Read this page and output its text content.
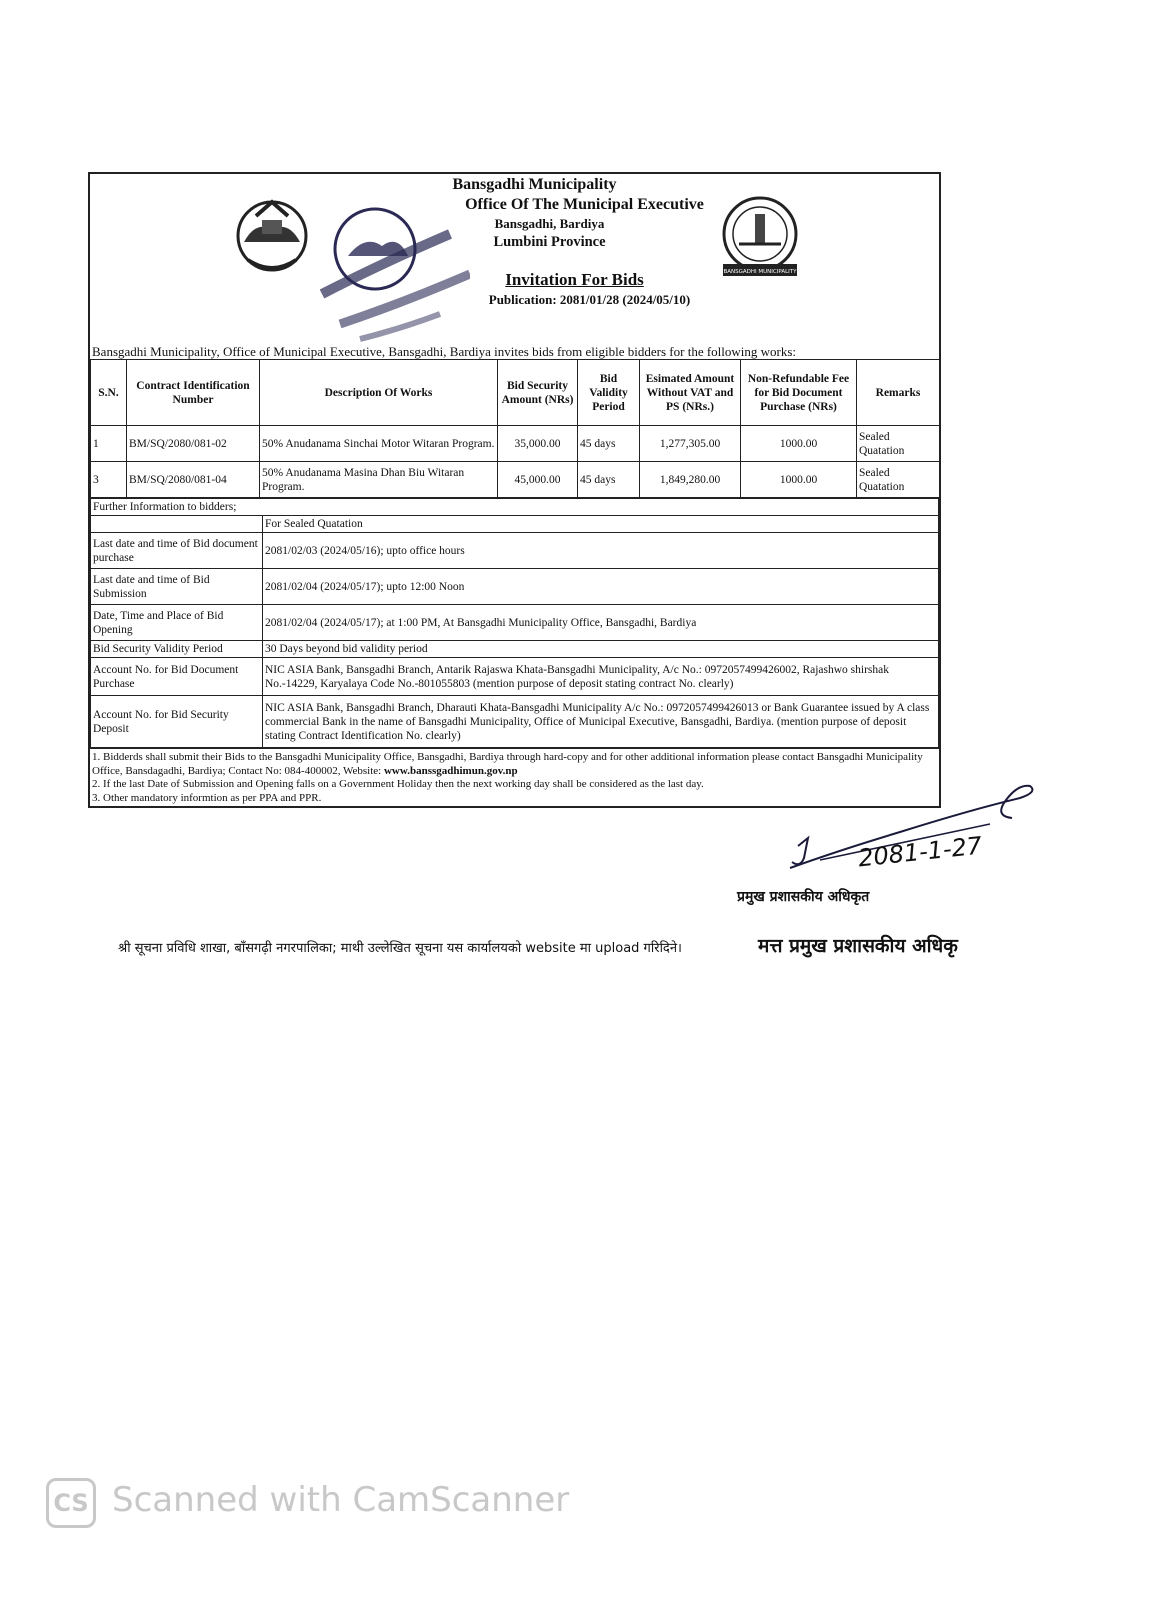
BANSGADHI MUNICIPALITY
Bansgadhi Municipality
Office Of The Municipal Executive
Bansgadhi, Bardiya
Lumbini Province
Invitation For Bids
Publication: 2081/01/28 (2024/05/10)
Bansgadhi Municipality, Office of Municipal Executive, Bansgadhi, Bardiya invites bids from eligible bidders for the following works:
S.N.	Contract Identification Number	Description Of Works	Bid Security Amount (NRs)	Bid Validity Period	Esimated Amount Without VAT and PS (NRs.)	Non-Refundable Fee for Bid Document Purchase (NRs)	Remarks
1	BM/SQ/2080/081-02	50% Anudanama Sinchai Motor Witaran Program.	35,000.00	45 days	1,277,305.00	1000.00	Sealed Quatation
3	BM/SQ/2080/081-04	50% Anudanama Masina Dhan Biu Witaran Program.	45,000.00	45 days	1,849,280.00	1000.00	Sealed Quatation
Further Information to bidders;	
	For Sealed Quatation
Last date and time of Bid document purchase	2081/02/03 (2024/05/16); upto office hours
Last date and time of Bid Submission	2081/02/04 (2024/05/17); upto 12:00 Noon
Date, Time and Place of Bid Opening	2081/02/04 (2024/05/17); at 1:00 PM, At Bansgadhi Municipality Office, Bansgadhi, Bardiya
Bid Security Validity Period	30 Days beyond bid validity period
Account No. for Bid Document Purchase	NIC ASIA Bank, Bansgadhi Branch, Antarik Rajaswa Khata-Bansgadhi Municipality, A/c No.: 0972057499426002, Rajashwo shirshak No.-14229, Karyalaya Code No.-801055803 (mention purpose of deposit stating contract No. clearly)
Account No. for Bid Security Deposit	NIC ASIA Bank, Bansgadhi Branch, Dharauti Khata-Bansgadhi Municipality A/c No.: 0972057499426013 or Bank Guarantee issued by A class commercial Bank in the name of Bansgadhi Municipality, Office of Municipal Executive, Bansgadhi, Bardiya. (mention purpose of deposit stating Contract Identification No. clearly)
1. Bidderds shall submit their Bids to the Bansgadhi Municipality Office, Bansgadhi, Bardiya through hard-copy and for other additional information please contact Bansgadhi Municipality Office, Bansdagadhi, Bardiya; Contact No: 084-400002, Website: www.banssgadhimun.gov.np
2. If the last Date of Submission and Opening falls on a Government Holiday then the next working day shall be considered as the last day.
3. Other mandatory informtion as per PPA and PPR.
2081-1-27
प्रमुख प्रशासकीय अधिकृत
श्री सूचना प्रविधि शाखा, बाँसगढ़ी नगरपालिका; माथी उल्लेखित सूचना यस कार्यालयको website मा upload गरिदिने।	मत्त प्रमुख प्रशासकीय अधिकृ
CS Scanned with CamScanner
